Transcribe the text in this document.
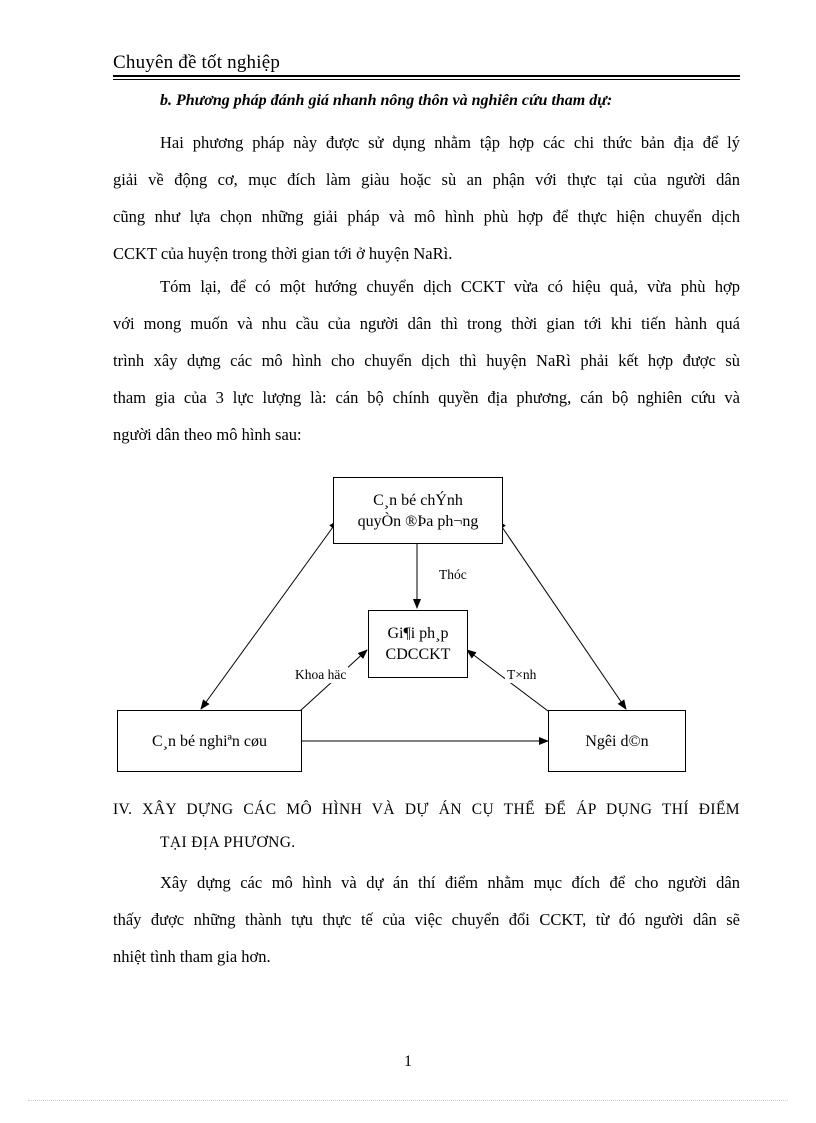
Chuyên đề tốt nghiệp
b. Phương pháp đánh giá nhanh nông thôn và nghiên cứu tham dự:
Hai phương pháp này được sử dụng nhằm tập hợp các chi thức bản địa để lý
giải về động cơ, mục đích làm giàu hoặc sù an phận với thực tại của người dân
cũng như lựa chọn những giải pháp và mô hình phù hợp để thực hiện chuyển dịch
CCKT của huyện trong thời gian tới ở huyện NaRì.
Tóm lại, để có một hướng chuyển dịch CCKT vừa có hiệu quả, vừa phù hợp
với mong muốn và nhu cầu của người dân thì trong thời gian tới khi tiến hành quá
trình xây dựng các mô hình cho chuyển dịch thì huyện NaRì phải kết hợp được sù
tham gia của 3 lực lượng là: cán bộ chính quyền địa phương, cán bộ nghiên cứu và
người dân theo mô hình sau:
C¸n bé chÝnh
quyÒn ®Þa ph¬ng
Gi¶i ph¸p
CDCCKT
C¸n bé nghiªn cøu	Ngêi d©n
Thóc
Khoa häc	T×nh
IV. XÂY DỰNG CÁC MÔ HÌNH VÀ DỰ ÁN CỤ THỂ ĐỂ ÁP DỤNG THÍ ĐIỂM
TẠI ĐỊA PHƯƠNG.
Xây dựng các mô hình và dự án thí điểm nhằm mục đích để cho người dân
thấy được những thành tựu thực tế của việc chuyển đổi CCKT, từ đó người dân sẽ
nhiệt tình tham gia hơn.
1
